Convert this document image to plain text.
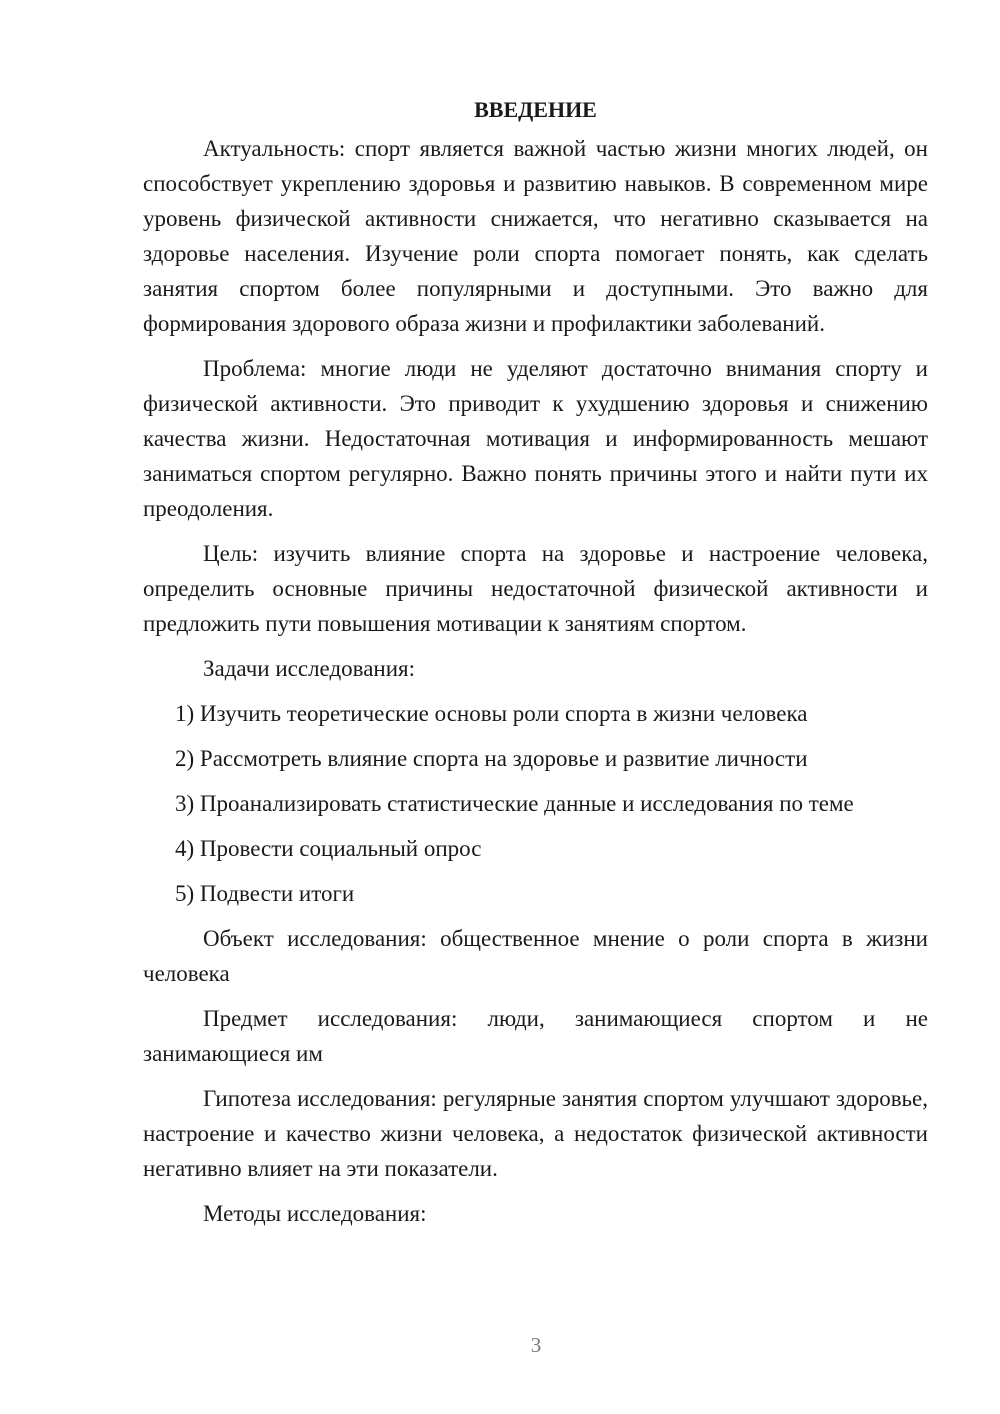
ВВЕДЕНИЕ

Актуальность: спорт является важной частью жизни многих людей, он способствует укреплению здоровья и развитию навыков. В современном мире уровень физической активности снижается, что негативно сказывается на здоровье населения. Изучение роли спорта помогает понять, как сделать занятия спортом более популярными и доступными. Это важно для формирования здорового образа жизни и профилактики заболеваний.

Проблема: многие люди не уделяют достаточно внимания спорту и физической активности. Это приводит к ухудшению здоровья и снижению качества жизни. Недостаточная мотивация и информированность мешают заниматься спортом регулярно. Важно понять причины этого и найти пути их преодоления.

Цель: изучить влияние спорта на здоровье и настроение человека, определить основные причины недостаточной физической активности и предложить пути повышения мотивации к занятиям спортом.

Задачи исследования:

1) Изучить теоретические основы роли спорта в жизни человека
2) Рассмотреть влияние спорта на здоровье и развитие личности
3) Проанализировать статистические данные и исследования по теме
4) Провести социальный опрос
5) Подвести итоги

Объект исследования: общественное мнение о роли спорта в жизни человека

Предмет исследования: люди, занимающиеся спортом и не занимающиеся им

Гипотеза исследования: регулярные занятия спортом улучшают здоровье, настроение и качество жизни человека, а недостаток физической активности негативно влияет на эти показатели.

Методы исследования:

3
